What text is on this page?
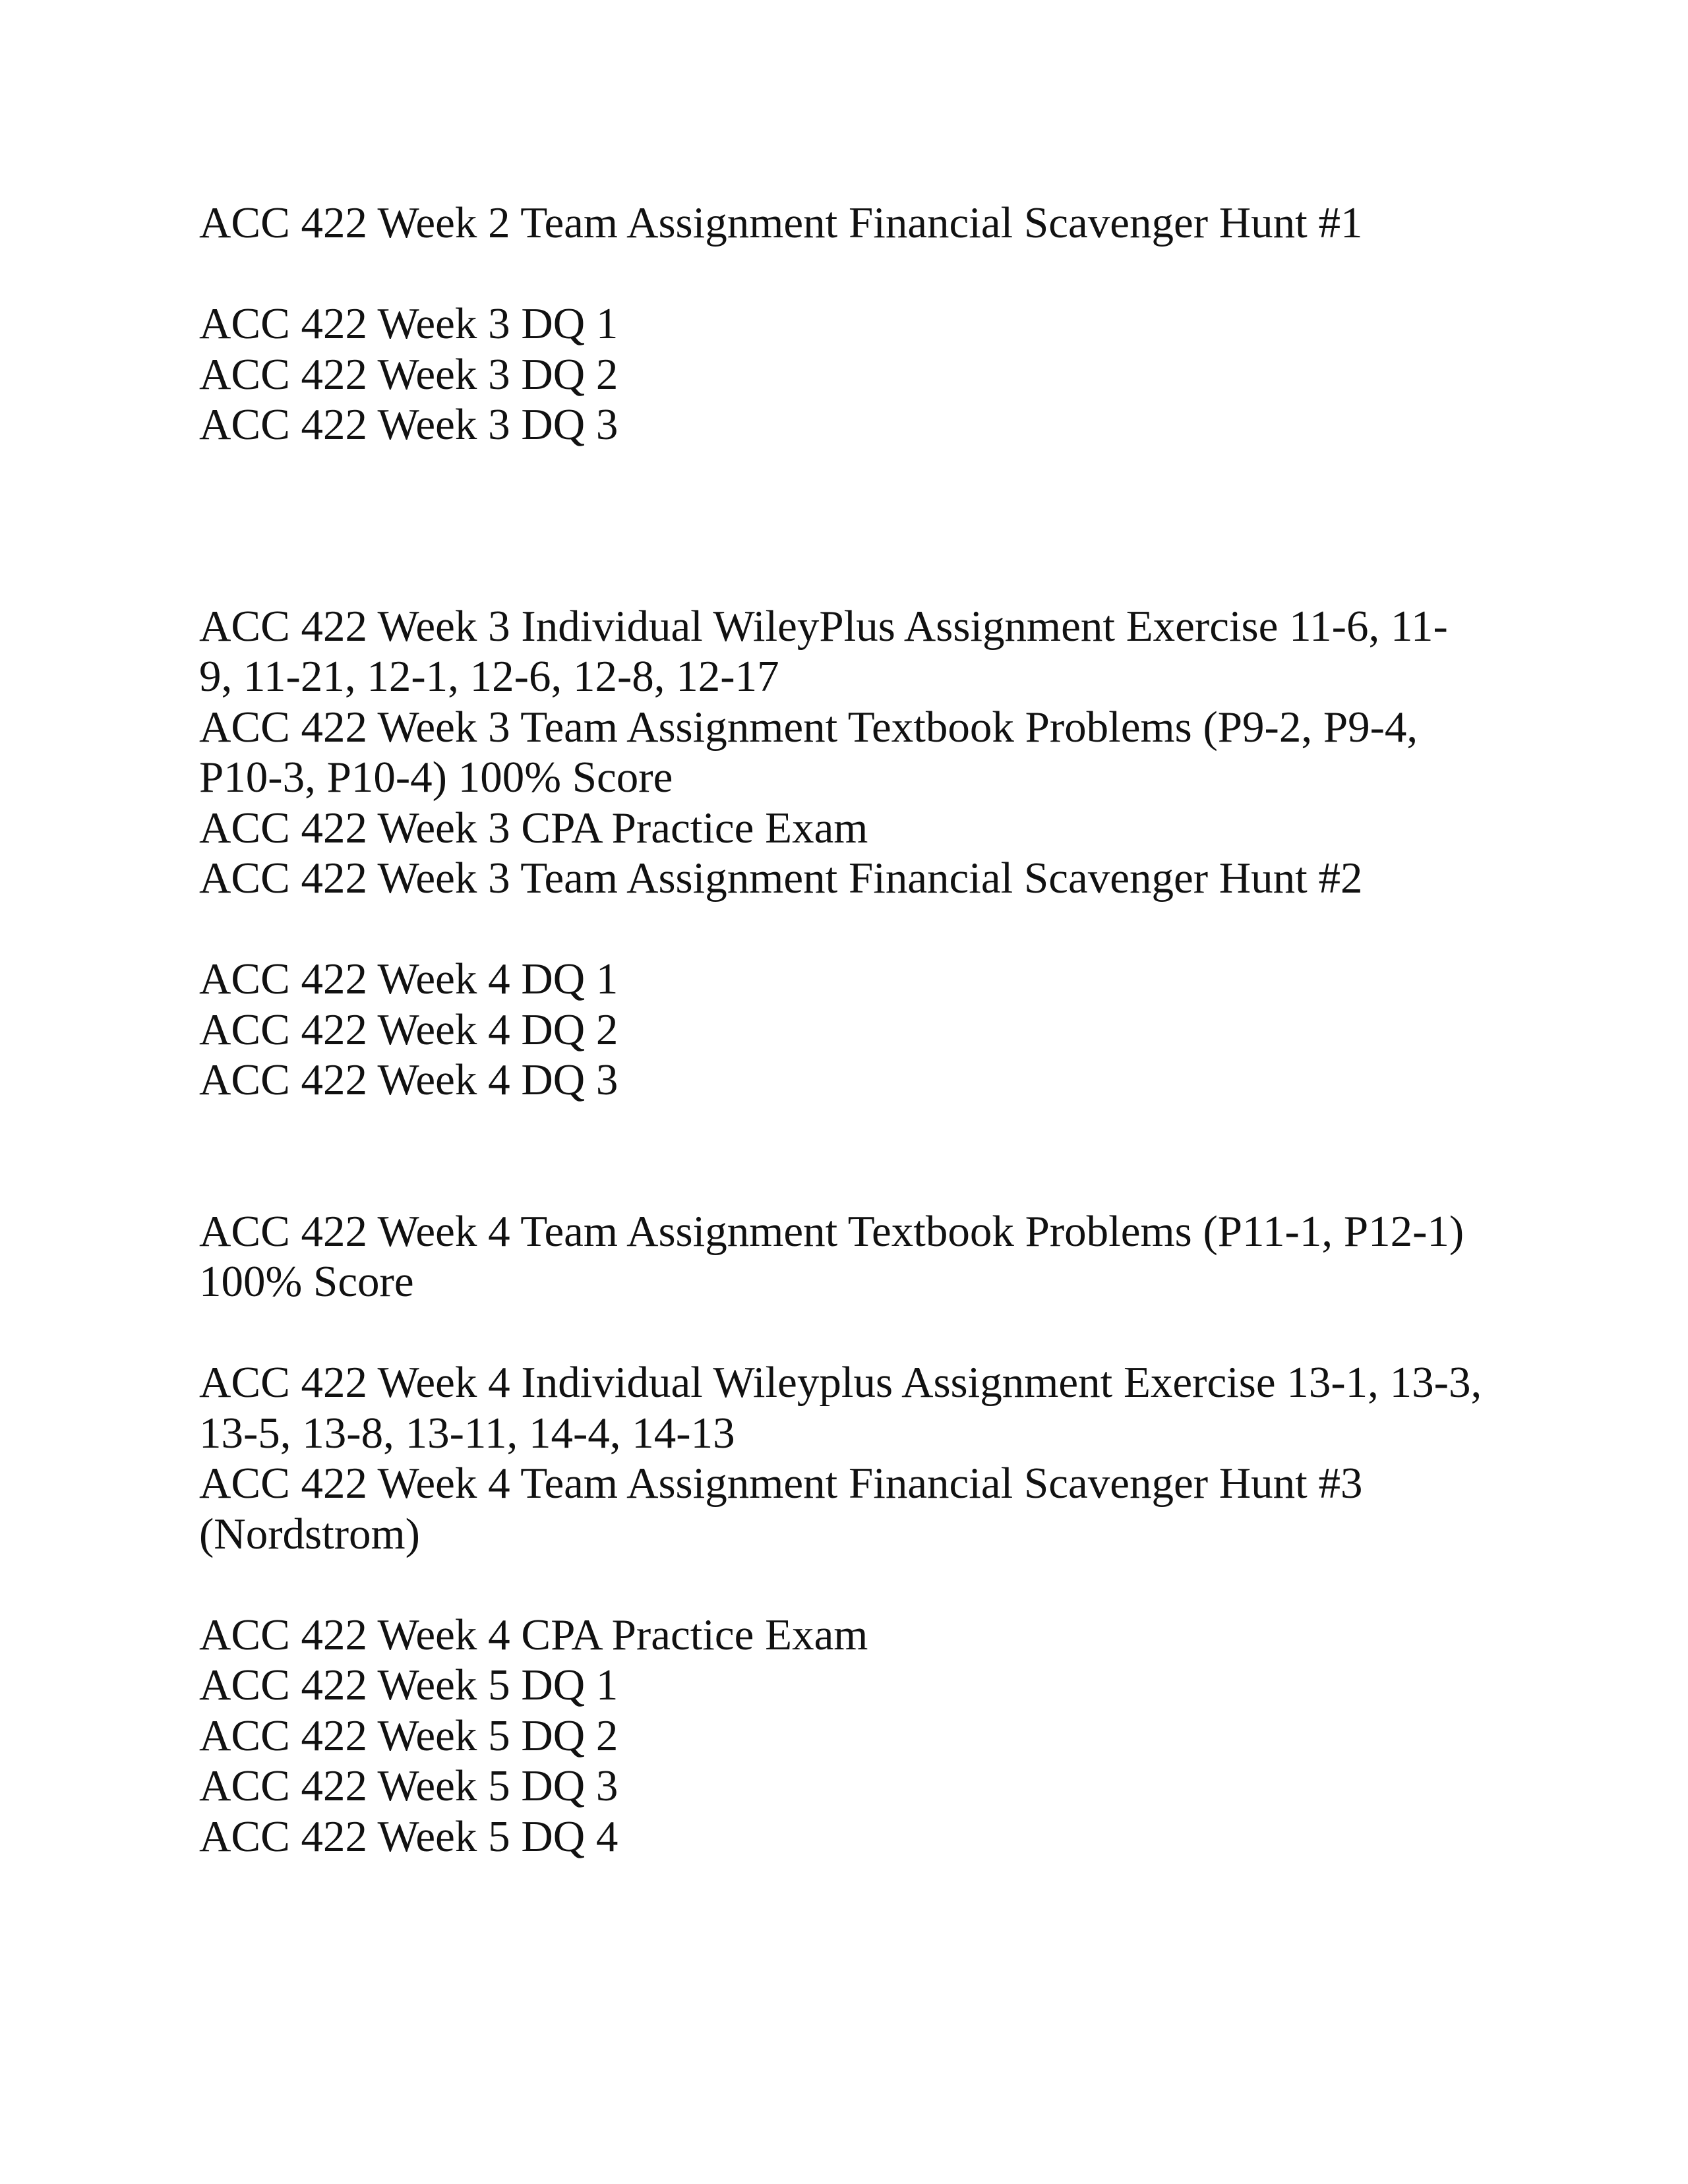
ACC 422 Week 2 Team Assignment Financial Scavenger Hunt #1
ACC 422 Week 3 DQ 1
ACC 422 Week 3 DQ 2
ACC 422 Week 3 DQ 3
ACC 422 Week 3 Individual WileyPlus Assignment Exercise 11-6, 11-
9, 11-21, 12-1, 12-6, 12-8, 12-17
ACC 422 Week 3 Team Assignment Textbook Problems (P9-2, P9-4,
P10-3, P10-4) 100% Score
ACC 422 Week 3 CPA Practice Exam
ACC 422 Week 3 Team Assignment Financial Scavenger Hunt #2
ACC 422 Week 4 DQ 1
ACC 422 Week 4 DQ 2
ACC 422 Week 4 DQ 3
ACC 422 Week 4 Team Assignment Textbook Problems (P11-1, P12-1)
100% Score
ACC 422 Week 4 Individual Wileyplus Assignment Exercise 13-1, 13-3,
13-5, 13-8, 13-11, 14-4, 14-13
ACC 422 Week 4 Team Assignment Financial Scavenger Hunt #3
(Nordstrom)
ACC 422 Week 4 CPA Practice Exam
ACC 422 Week 5 DQ 1
ACC 422 Week 5 DQ 2
ACC 422 Week 5 DQ 3
ACC 422 Week 5 DQ 4
